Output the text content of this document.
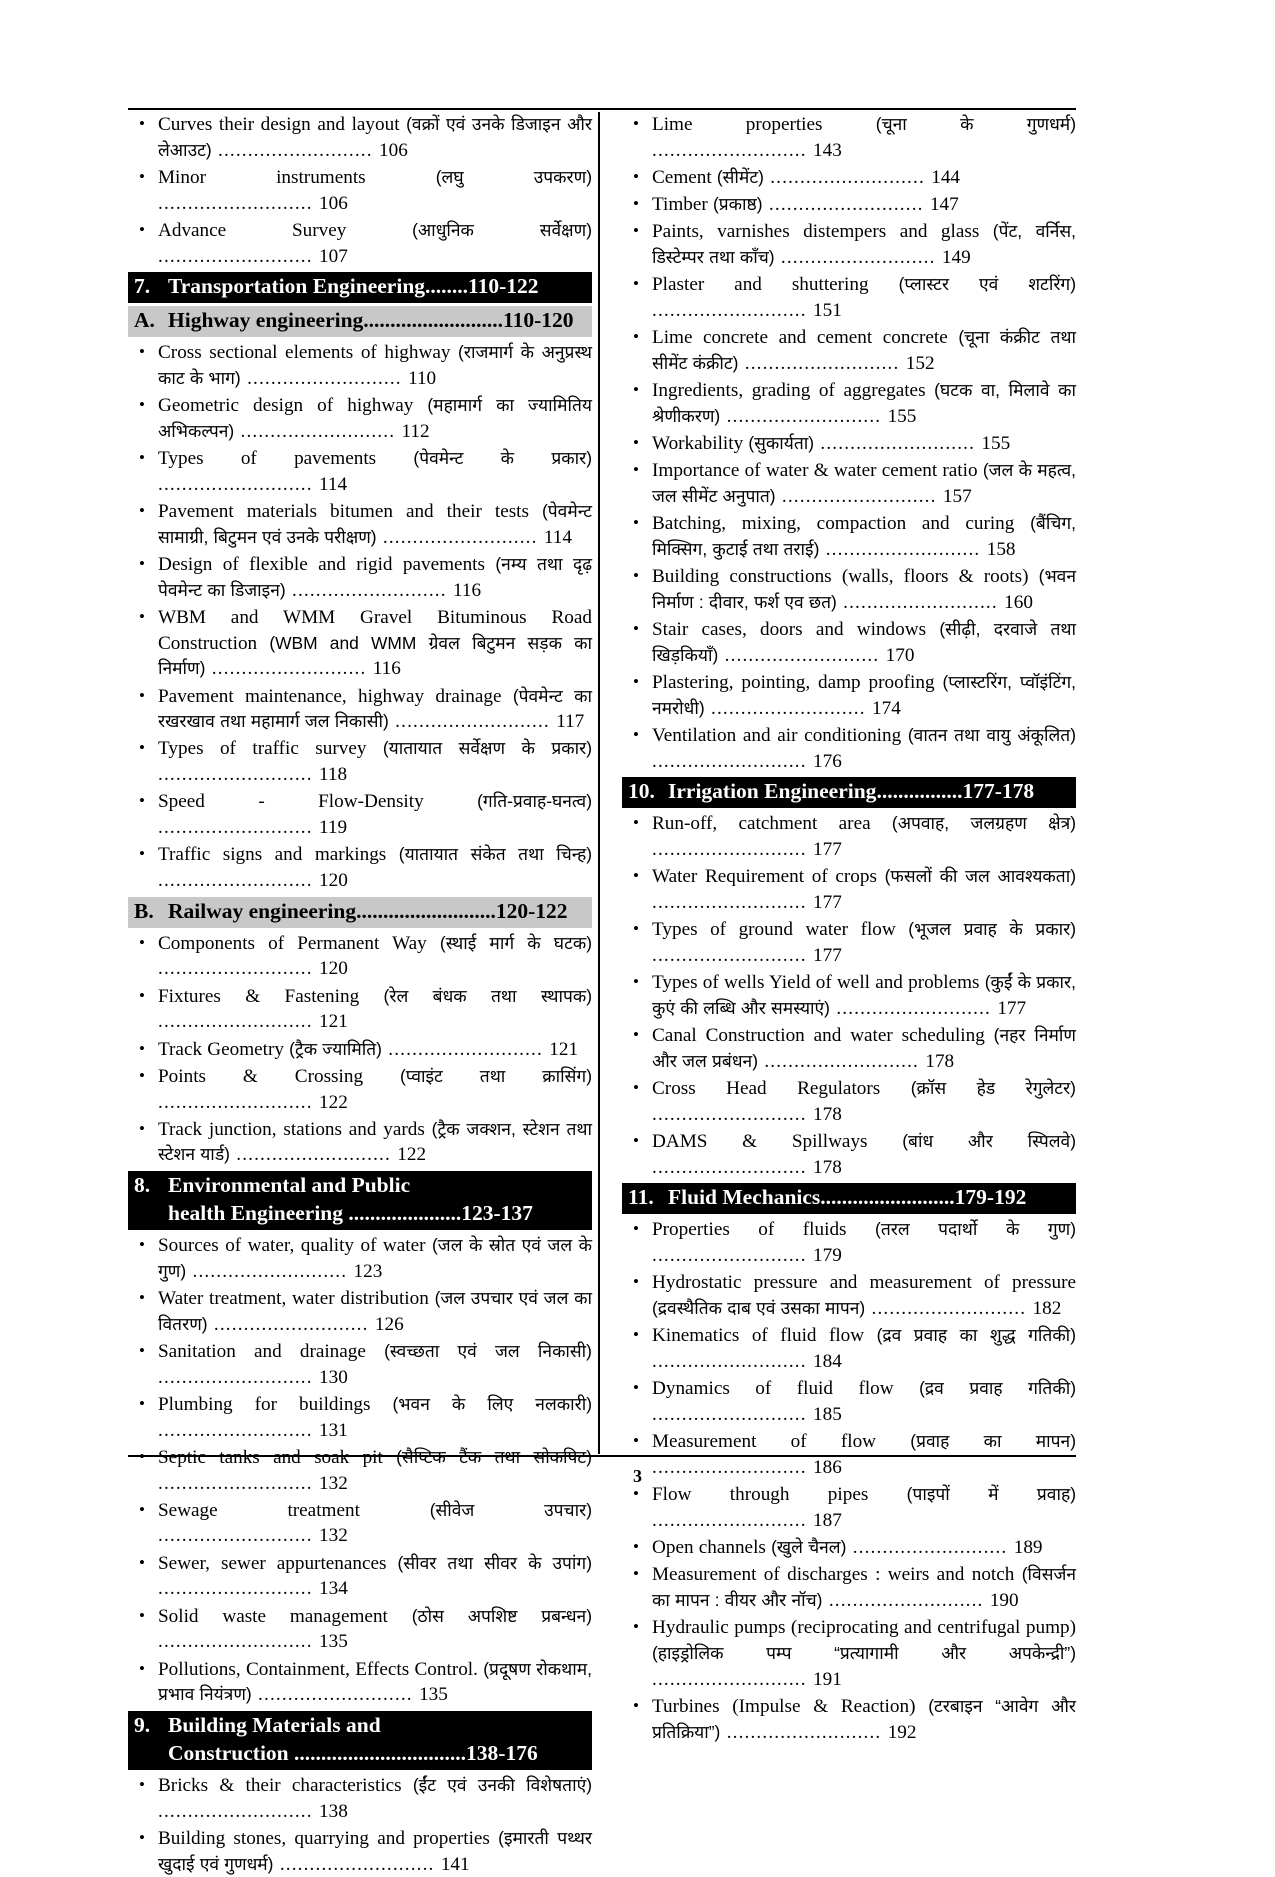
• Curves their design and layout (वक्रों एवं उनके डिजाइन और लेआउट) .......................... 106
• Minor instruments	(लघु उपकरण) .......................... 106
• Advance Survey	(आधुनिक सर्वेक्षण) .......................... 107
7. Transportation Engineering........110-122
A. Highway engineering..........................110-120
• Cross sectional elements of highway (राजमार्ग के अनुप्रस्थ काट के भाग) .......................... 110
• Geometric design of highway (महामार्ग का ज्यामितिय अभिकल्पन) .......................... 112
• Types of pavements (पेवमेन्ट के प्रकार) .......................... 114
• Pavement materials bitumen and their tests (पेवमेन्ट सामाग्री, बिटुमन एवं उनके परीक्षण) .......................... 114
• Design of flexible and rigid pavements (नम्य तथा दृढ़ पेवमेन्ट का डिजाइन) .......................... 116
• WBM and WMM Gravel Bituminous Road Construction (WBM and WMM ग्रेवल बिटुमन सड़क का निर्माण) .......................... 116
• Pavement maintenance, highway drainage (पेवमेन्ट का रखरखाव तथा महामार्ग जल निकासी) .......................... 117
• Types of traffic survey (यातायात सर्वेक्षण के प्रकार) .......................... 118
• Speed - Flow-Density	(गति-प्रवाह-घनत्व) .......................... 119
• Traffic signs and markings (यातायात संकेत तथा चिन्ह) .......................... 120
B. Railway engineering..........................120-122
• Components of Permanent Way (स्थाई मार्ग के घटक) .......................... 120
• Fixtures & Fastening (रेल बंधक तथा स्थापक) .......................... 121
• Track Geometry (ट्रैक ज्यामिति) .......................... 121
• Points & Crossing (प्वाइंट तथा क्रासिंग) .......................... 122
• Track junction, stations and yards (ट्रैक जक्शन, स्टेशन तथा स्टेशन यार्ड) .......................... 122
8. Environmental and Public
health Engineering .....................123-137
• Sources of water, quality of water (जल के स्रोत एवं जल के गुण) .......................... 123
• Water treatment, water distribution (जल उपचार एवं जल का वितरण) .......................... 126
• Sanitation and drainage (स्वच्छता एवं जल निकासी) .......................... 130
• Plumbing for buildings (भवन के लिए नलकारी) .......................... 131
• Septic tanks and soak pit (सैप्टिक टैंक तथा सोकपिट) .......................... 132
• Sewage treatment	(सीवेज उपचार) .......................... 132
• Sewer, sewer appurtenances (सीवर तथा सीवर के उपांग) .......................... 134
• Solid waste management (ठोस अपशिष्ट प्रबन्धन) .......................... 135
• Pollutions, Containment, Effects Control. (प्रदूषण रोकथाम, प्रभाव नियंत्रण) .......................... 135
9. Building Materials and
Construction ................................138-176
• Bricks & their characteristics (ईंट एवं उनकी विशेषताएं) .......................... 138
• Building stones, quarrying and properties (इमारती पथ्थर खुदाई एवं गुणधर्म) .......................... 141
• Lime properties	(चूना के गुणधर्म) .......................... 143
• Cement (सीमेंट) .......................... 144
• Timber (प्रकाष्ठ) .......................... 147
• Paints, varnishes distempers and glass (पेंट, वर्निस, डिस्टेम्पर तथा काँच) .......................... 149
• Plaster and shuttering (प्लास्टर एवं शटरिंग) .......................... 151
• Lime concrete and cement concrete (चूना कंक्रीट तथा सीमेंट कंक्रीट) .......................... 152
• Ingredients, grading of aggregates (घटक वा, मिलावे का श्रेणीकरण) .......................... 155
• Workability (सुकार्यता) .......................... 155
• Importance of water & water cement ratio (जल के महत्व, जल सीमेंट अनुपात) .......................... 157
• Batching, mixing, compaction and curing (बैंचिग, मिक्सिग, कुटाई तथा तराई) .......................... 158
• Building constructions (walls, floors & roots) (भवन निर्माण : दीवार, फर्श एव छत) .......................... 160
• Stair cases, doors and windows (सीढ़ी, दरवाजे तथा खिड़कियाँ) .......................... 170
• Plastering, pointing, damp proofing (प्लास्टरिंग, प्वॉइंटिंग, नमरोधी) .......................... 174
• Ventilation and air conditioning (वातन तथा वायु अंकूलित) .......................... 176
10. Irrigation Engineering................177-178
• Run-off, catchment area (अपवाह, जलग्रहण क्षेत्र) .......................... 177
• Water Requirement of crops (फसलों की जल आवश्यकता) .......................... 177
• Types of ground water flow (भूजल प्रवाह के प्रकार) .......................... 177
• Types of wells Yield of well and problems (कुईं के प्रकार, कुएं की लब्धि और समस्याएं) .......................... 177
• Canal Construction and water scheduling (नहर निर्माण और जल प्रबंधन) .......................... 178
• Cross Head Regulators (क्रॉस हेड रेगुलेटर) .......................... 178
• DAMS & Spillways (बांध और स्पिलवे) .......................... 178
11. Fluid Mechanics.........................179-192
• Properties of fluids (तरल पदार्थो के गुण) .......................... 179
• Hydrostatic pressure and measurement of pressure (द्रवस्थैतिक दाब एवं उसका मापन) .......................... 182
• Kinematics of fluid flow (द्रव प्रवाह का शुद्ध गतिकी) .......................... 184
• Dynamics of fluid flow (द्रव प्रवाह गतिकी) .......................... 185
• Measurement of flow (प्रवाह का मापन) .......................... 186
• Flow through pipes (पाइपों में प्रवाह) .......................... 187
• Open channels (खुले चैनल) .......................... 189
• Measurement of discharges : weirs and notch (विसर्जन का मापन : वीयर और नॉच) .......................... 190
• Hydraulic pumps (reciprocating and centrifugal pump) (हाइड्रोलिक पम्प “प्रत्यागामी और अपकेन्द्री”) .......................... 191
• Turbines (Impulse & Reaction) (टरबाइन “आवेग और प्रतिक्रिया”) .......................... 192
3
